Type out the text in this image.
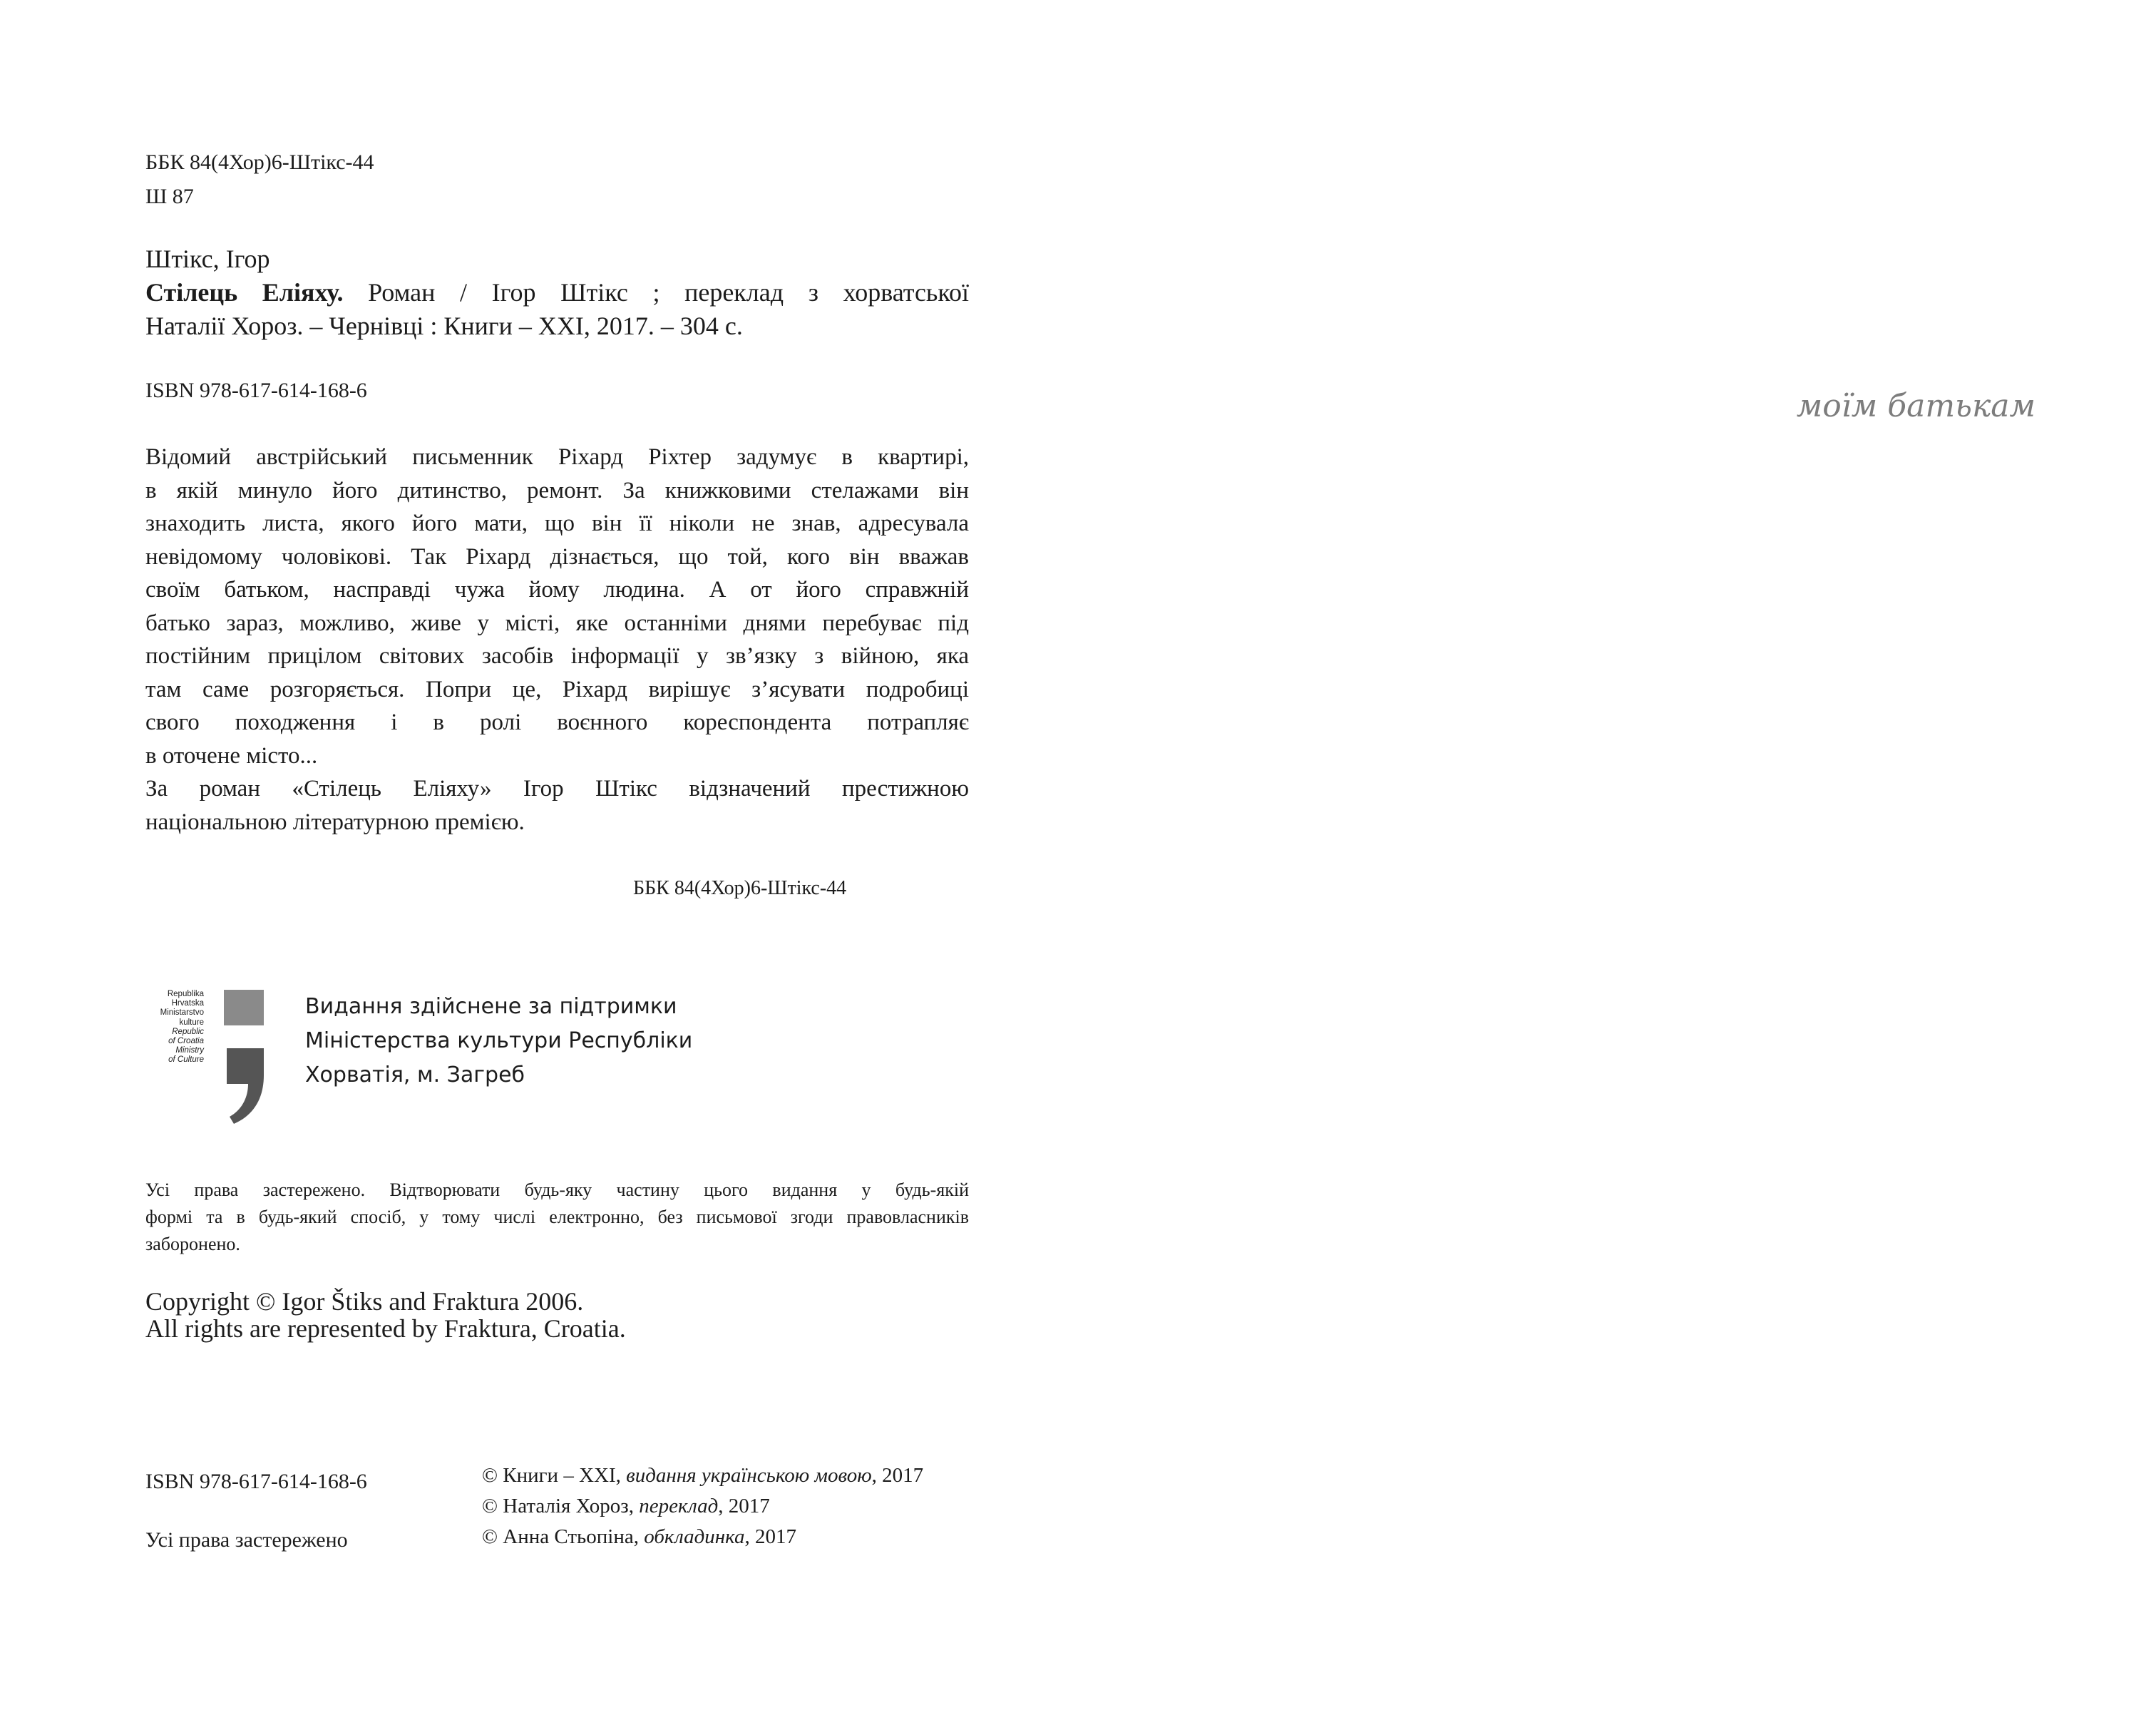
ББК 84(4Хор)6-Штікс-44
Ш 87
Штікс, Ігор
Стілець Еліяху. Роман / Ігор Штікс ; переклад з хорватської
Наталії Хороз. – Чернівці : Книги – XXI, 2017. – 304 с.
ISBN 978-617-614-168-6

Відомий австрійський письменник Ріхард Ріхтер задумує в квартирі,

в якій минуло його дитинство, ремонт. За книжковими стелажами він

знаходить листа, якого його мати, що він її ніколи не знав, адресувала

невідомому чоловікові. Так Ріхард дізнається, що той, кого він вважав

своїм батьком, насправді чужа йому людина. А от його справжній

батько зараз, можливо, живе у місті, яке останніми днями перебуває під

постійним прицілом світових засобів інформації у зв’язку з війною, яка

там саме розгоряється. Попри це, Ріхард вирішує з’ясувати подробиці

свого походження і в ролі воєнного кореспондента потрапляє

в оточене місто...

За роман «Стілець Еліяху» Ігор Штікс відзначений престижною

національною літературною премією.

ББК 84(4Хор)6-Штікс-44
Republika
Hrvatska
Ministarstvo
kulture
Republic
of Croatia
Ministry
of Culture
Видання здійснене за підтримки
Міністерства культури Республіки
Хорватія, м. Загреб
Усі права застережено. Відтворювати будь-яку частину цього видання у будь-якій
формі та в будь-який спосіб, у тому числі електронно, без письмової згоди правовласників
заборонено.
Copyright © Igor Štiks and Fraktura 2006.
All rights are represented by Fraktura, Croatia.
ISBN 978-617-614-168-6
Усі права застережено
© Книги – XXI, видання українською мовою, 2017
© Наталія Хороз, переклад, 2017
© Анна Стьопіна, обкладинка, 2017
моїм батькам
